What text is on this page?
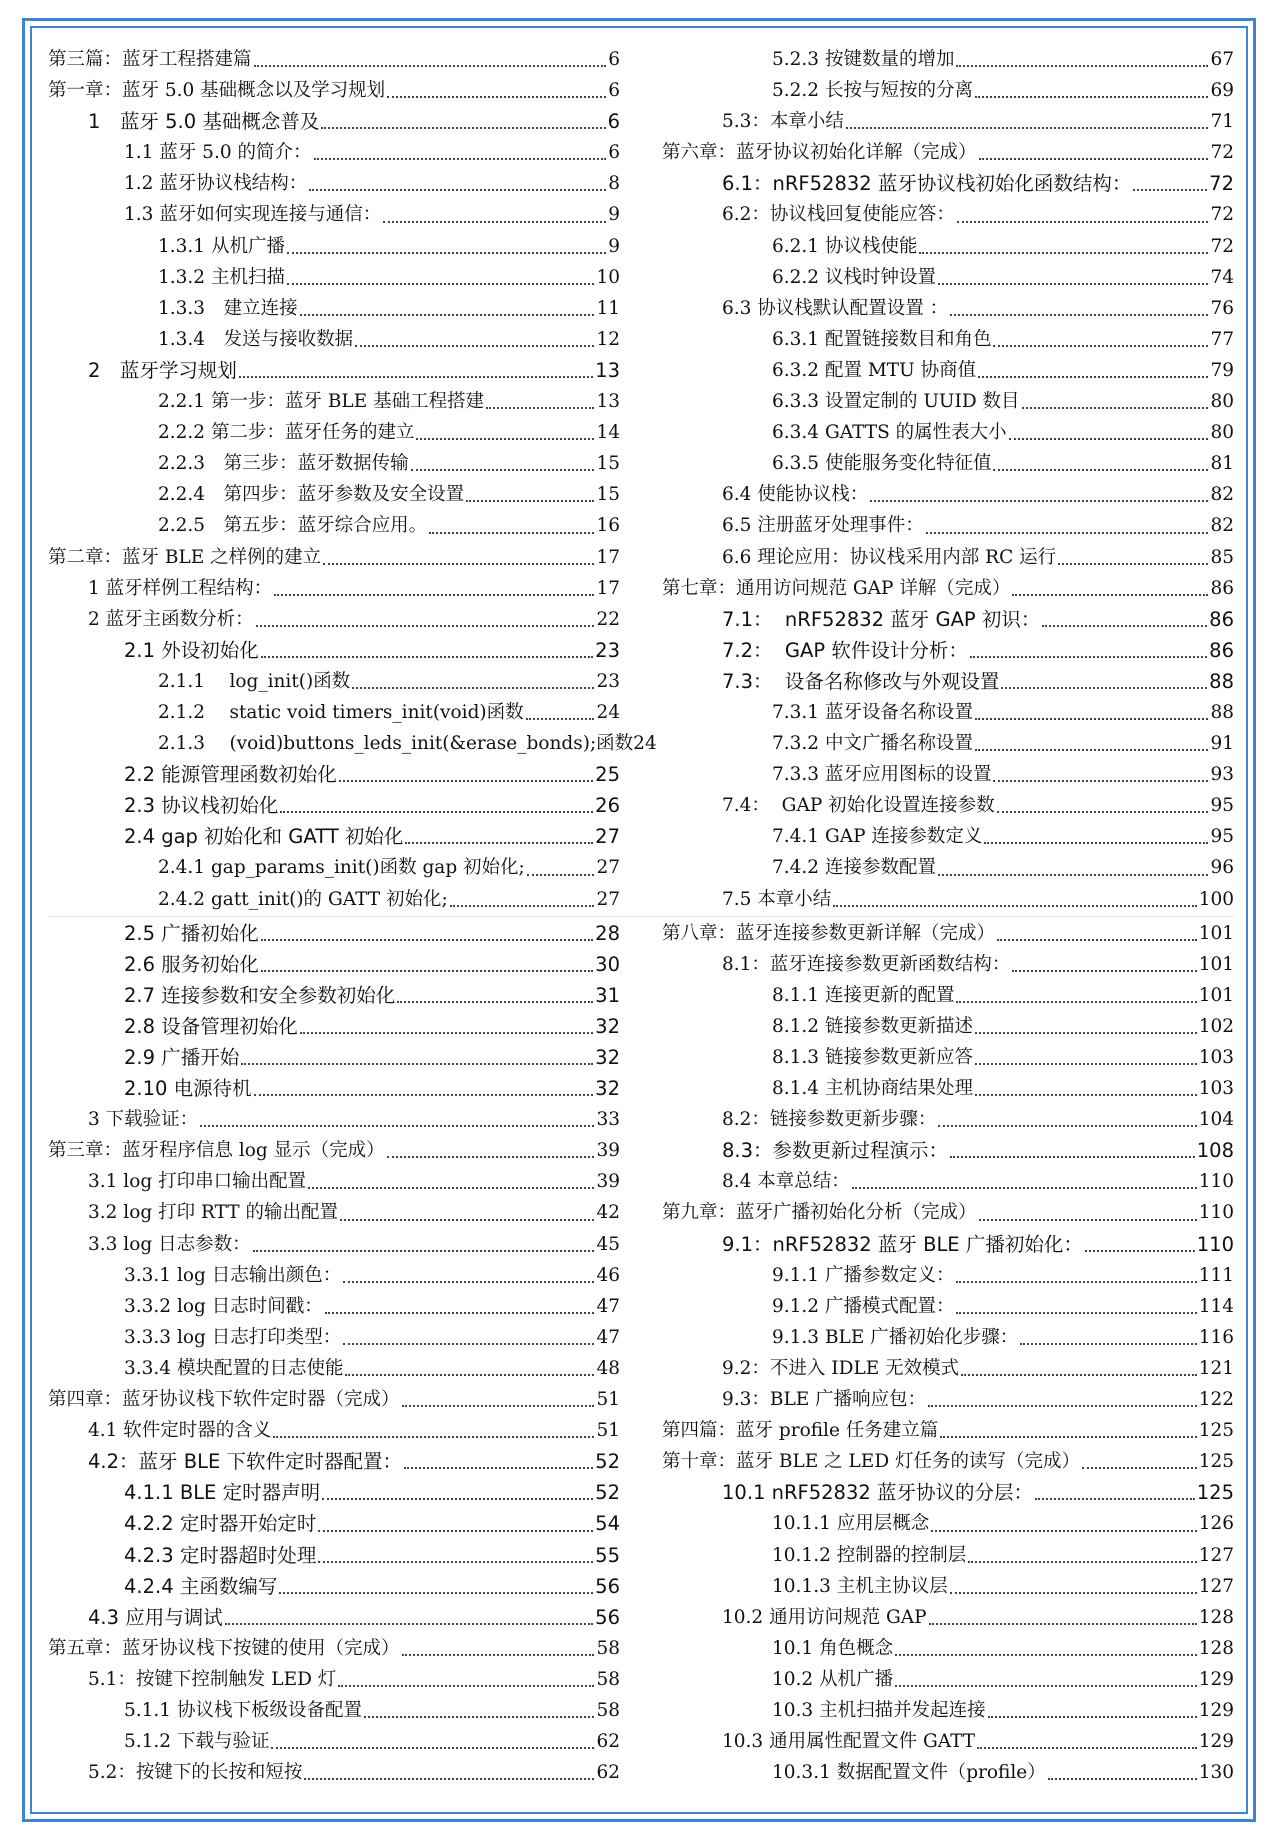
第三篇：蓝牙工程搭建篇	6
第一章：蓝牙 5.0 基础概念以及学习规划	6
1　蓝牙 5.0 基础概念普及	6
1.1 蓝牙 5.0 的简介：	6
1.2 蓝牙协议栈结构：	8
1.3 蓝牙如何实现连接与通信：	9
1.3.1 从机广播	9
1.3.2 主机扫描	10
1.3.3　建立连接	11
1.3.4　发送与接收数据	12
2　蓝牙学习规划	13
2.2.1 第一步：蓝牙 BLE 基础工程搭建	13
2.2.2 第二步：蓝牙任务的建立	14
2.2.3　第三步：蓝牙数据传输	15
2.2.4　第四步：蓝牙参数及安全设置	15
2.2.5　第五步：蓝牙综合应用。	16
第二章：蓝牙 BLE 之样例的建立	17
1 蓝牙样例工程结构：	17
2 蓝牙主函数分析：	22
2.1 外设初始化	23
2.1.1　 log_init()函数	23
2.1.2　 static void timers_init(void)函数	24
2.1.3　 (void)buttons_leds_init(&erase_bonds);函数24
2.2 能源管理函数初始化	25
2.3 协议栈初始化	26
2.4 gap 初始化和 GATT 初始化	27
2.4.1 gap_params_init()函数 gap 初始化;	27
2.4.2 gatt_init()的 GATT 初始化;	27
2.5 广播初始化	28
2.6 服务初始化	30
2.7 连接参数和安全参数初始化	31
2.8 设备管理初始化	32
2.9 广播开始	32
2.10 电源待机	32
3 下载验证：	33
第三章：蓝牙程序信息 log 显示（完成）	39
3.1 log 打印串口输出配置	39
3.2 log 打印 RTT 的输出配置	42
3.3 log 日志参数：	45
3.3.1 log 日志输出颜色：	46
3.3.2 log 日志时间戳：	47
3.3.3 log 日志打印类型：	47
3.3.4 模块配置的日志使能	48
第四章：蓝牙协议栈下软件定时器（完成）	51
4.1 软件定时器的含义	51
4.2：蓝牙 BLE 下软件定时器配置：	52
4.1.1 BLE 定时器声明	52
4.2.2 定时器开始定时	54
4.2.3 定时器超时处理	55
4.2.4 主函数编写	56
4.3 应用与调试	56
第五章：蓝牙协议栈下按键的使用（完成）	58
5.1：按键下控制触发 LED 灯	58
5.1.1 协议栈下板级设备配置	58
5.1.2 下载与验证	62
5.2：按键下的长按和短按	62
5.2.3 按键数量的增加	67
5.2.2 长按与短按的分离	69
5.3：本章小结	71
第六章：蓝牙协议初始化详解（完成）	72
6.1：nRF52832 蓝牙协议栈初始化函数结构：	72
6.2：协议栈回复使能应答：	72
6.2.1 协议栈使能	72
6.2.2 议栈时钟设置	74
6.3 协议栈默认配置设置 ：	76
6.3.1 配置链接数目和角色	77
6.3.2 配置 MTU 协商值	79
6.3.3 设置定制的 UUID 数目	80
6.3.4 GATTS 的属性表大小	80
6.3.5 使能服务变化特征值	81
6.4 使能协议栈：	82
6.5 注册蓝牙处理事件：	82
6.6 理论应用：协议栈采用内部 RC 运行	85
第七章：通用访问规范 GAP 详解（完成）	86
7.1：  nRF52832 蓝牙 GAP 初识：	86
7.2：  GAP 软件设计分析：	86
7.3：  设备名称修改与外观设置	88
7.3.1 蓝牙设备名称设置	88
7.3.2 中文广播名称设置	91
7.3.3 蓝牙应用图标的设置	93
7.4：  GAP 初始化设置连接参数	95
7.4.1 GAP 连接参数定义	95
7.4.2 连接参数配置	96
7.5 本章小结	100
第八章：蓝牙连接参数更新详解（完成）	101
8.1：蓝牙连接参数更新函数结构：	101
8.1.1 连接更新的配置	101
8.1.2 链接参数更新描述	102
8.1.3 链接参数更新应答	103
8.1.4 主机协商结果处理	103
8.2：链接参数更新步骤：	104
8.3：参数更新过程演示：	108
8.4 本章总结：	110
第九章：蓝牙广播初始化分析（完成）	110
9.1：nRF52832 蓝牙 BLE 广播初始化：	110
9.1.1 广播参数定义：	111
9.1.2 广播模式配置：	114
9.1.3 BLE 广播初始化步骤：	116
9.2：不进入 IDLE 无效模式	121
9.3：BLE 广播响应包：	122
第四篇：蓝牙 profile 任务建立篇	125
第十章：蓝牙 BLE 之 LED 灯任务的读写（完成）	125
10.1 nRF52832 蓝牙协议的分层：	125
10.1.1 应用层概念	126
10.1.2 控制器的控制层	127
10.1.3 主机主协议层	127
10.2 通用访问规范 GAP	128
10.1 角色概念	128
10.2 从机广播	129
10.3 主机扫描并发起连接	129
10.3 通用属性配置文件 GATT	129
10.3.1 数据配置文件（profile）	130
